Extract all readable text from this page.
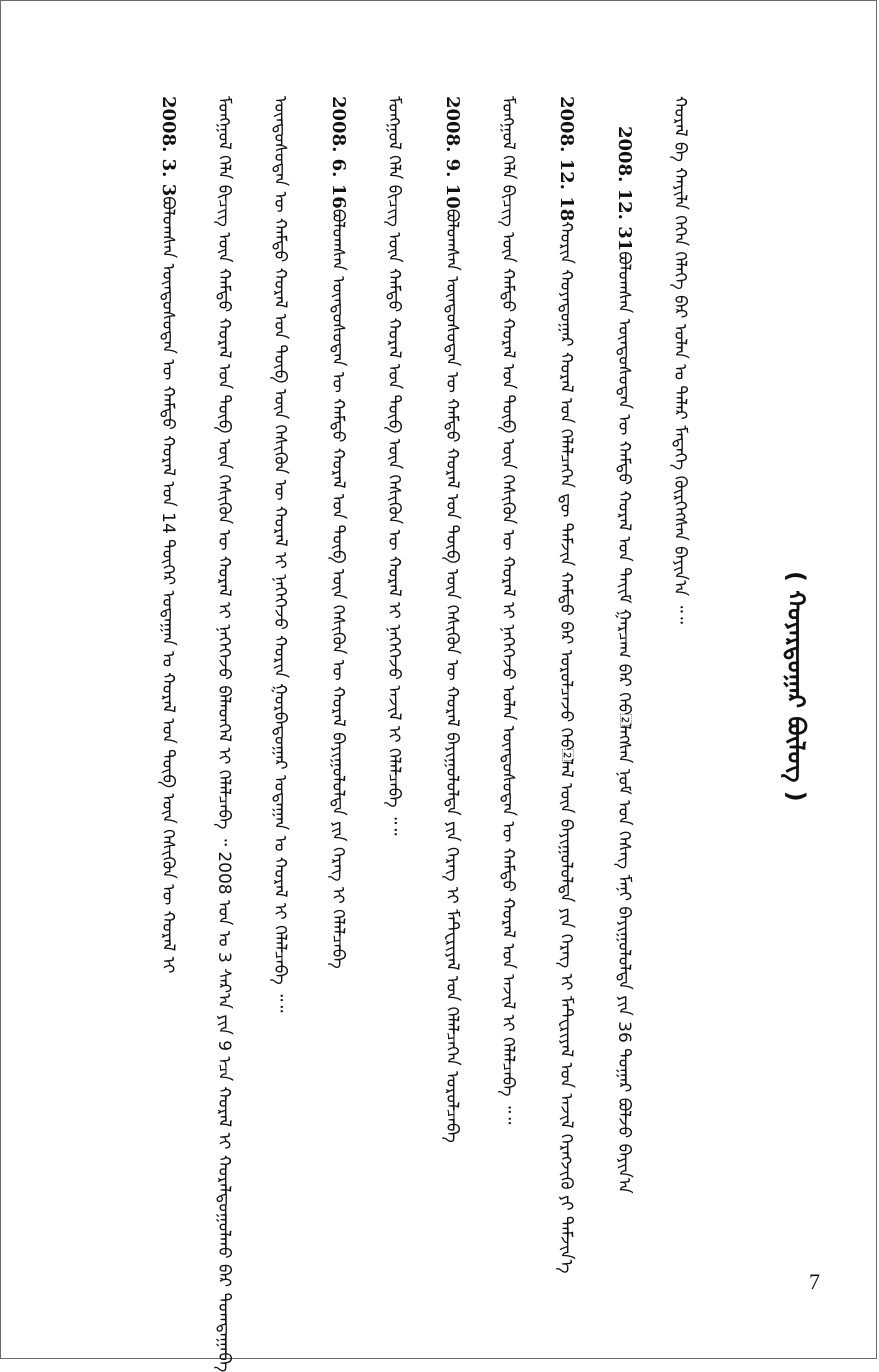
( ᠬᠣᠶᠠᠷᠳᠤᠭᠠᠷ ᠪᠦᠯᠦᠭ )
ᠬᠤᠷᠠᠯ ᠪᠡ ᠬᠠᠶᠢᠯᠠ ᠭᠡᠭᠡᠨ ᠬᠡᠯᠡᠭᠡ ᠪᠡᠷ ᠤᠯᠠᠨ ᠤ ᠲᠡᠯᠡᠷ ᠮᠡᠳᠡᠭᠡ ᠬᠦᠷᠭᠡᠭᠰᠡᠨ ᠪᠠᠶᠢᠨ᠎ᠠ ᠃᠃
2008. 12. 31ᠪᠤᠯᠤᠭᠰᠠᠨ ᠦᠨᠳᠦᠰᠦᠲᠡᠨ ᠦ ᠬᠠᠮᠲᠤ ᠬᠤᠷᠠᠯ ᠤᠨ ᠲᠡᠶ᠋ᠢᠮ ᠭᠠᠷᠴᠠᠭ ᠪᠡᠷ ᠬᠡᠪ᠌ᠯᠡᠭᠰᠡᠨ ᠨᠣᠮ ᠤᠨ ᠬᠡᠰᠡᠭ ᠮᠠᠨᠢ ᠪᠠᠶᠢᠭᠤᠯᠤᠯᠲᠠ ᠶᠢᠨ 36 ᠳᠤᠭᠠᠷ ᠪᠣᠯᠵᠤ ᠪᠠᠶᠢᠨ᠎ᠠ
2008. 12. 18ᠬᠣᠷᠢᠨ ᠬᠣᠶᠠᠳᠤᠭᠠᠷ ᠬᠤᠷᠠᠯ ᠤᠨ ᠬᠡᠯᠡᠯᠴᠡᠭᠡᠨ ᠳᠦ ᠳᠡᠮᠵᠢᠨ ᠬᠠᠮᠲᠤ ᠪᠡᠷ ᠣᠷᠤᠯᠴᠠᠵᠤ ᠬᠡᠪ᠌ᠯᠡᠯ ᠦᠨ ᠪᠠᠶᠢᠭᠤᠯᠤᠯᠲᠠ ᠶᠢᠨ ᠬᠡᠷᠡᠭ ᠢ ᠮᠠᠲ᠋ᠧᠷᠢᠶᠠᠯ ᠤᠨ ᠠᠵᠢᠯ ᠬᠡᠷᠡᠭᠵᠢᠬᠦ ᠶᠢ ᠳᠡᠮᠵᠢᠨ᠎ᠡ
ᠮᠣᠩᠭᠣᠯ ᠬᠡᠯᠡ ᠪᠢᠴᠢᠭ ᠦᠨ ᠬᠠᠮᠲᠤ ᠬᠤᠷᠠᠯ ᠤᠨ ᠲᠦᠪ ᠦᠨ ᠭᠡᠰᠢᠭᠦᠨ ᠦ ᠬᠤᠷᠠᠯ ᠢ ᠨᠡᠭᠡᠭᠡᠵᠦ ᠣᠯᠠᠨ ᠦᠨᠳᠦᠰᠦᠲᠡᠨ ᠦ ᠬᠠᠮᠲᠤ ᠬᠤᠷᠠᠯ ᠤᠨ ᠠᠵᠢᠯ ᠢ ᠬᠡᠯᠡᠯᠴᠡᠪᠡ ᠃᠃
2008. 9. 10ᠪᠤᠯᠤᠭᠰᠠᠨ ᠦᠨᠳᠦᠰᠦᠲᠡᠨ ᠦ ᠬᠠᠮᠲᠤ ᠬᠤᠷᠠᠯ ᠤᠨ ᠲᠦᠪ ᠦᠨ ᠭᠡᠰᠢᠭᠦᠨ ᠦ ᠬᠤᠷᠠᠯ ᠪᠠᠶᠢᠭᠤᠯᠤᠯᠲᠠ ᠶᠢᠨ ᠬᠡᠷᠡᠭ ᠢ ᠮᠠᠲ᠋ᠧᠷᠢᠶᠠᠯ ᠤᠨ ᠬᠡᠯᠡᠯᠴᠡᠭᠡᠨ ᠣᠷᠤᠯᠴᠠᠪᠠ
ᠮᠣᠩᠭᠣᠯ ᠬᠡᠯᠡ ᠪᠢᠴᠢᠭ ᠦᠨ ᠬᠠᠮᠲᠤ ᠬᠤᠷᠠᠯ ᠤᠨ ᠲᠦᠪ ᠦᠨ ᠭᠡᠰᠢᠭᠦᠨ ᠦ ᠬᠤᠷᠠᠯ ᠢ ᠨᠡᠭᠡᠭᠡᠵᠦ ᠠᠵᠢᠯ ᠢ ᠬᠡᠯᠡᠯᠴᠡᠪᠡ ᠃᠃
2008. 6. 16ᠪᠤᠯᠤᠭᠰᠠᠨ ᠦᠨᠳᠦᠰᠦᠲᠡᠨ ᠦ ᠬᠠᠮᠲᠤ ᠬᠤᠷᠠᠯ ᠤᠨ ᠲᠦᠪ ᠦᠨ ᠭᠡᠰᠢᠭᠦᠨ ᠦ ᠬᠤᠷᠠᠯ ᠪᠠᠶᠢᠭᠤᠯᠤᠯᠲᠠ ᠶᠢᠨ ᠬᠡᠷᠡᠭ ᠢ ᠬᠡᠯᠡᠯᠴᠡᠪᠡ
ᠦᠨᠳᠦᠰᠦᠲᠡᠨ ᠦ ᠬᠠᠮᠲᠤ ᠬᠤᠷᠠᠯ ᠤᠨ ᠲᠦᠪ ᠦᠨ ᠭᠡᠰᠢᠭᠦᠨ ᠦ ᠬᠤᠷᠠᠯ ᠢ ᠨᠡᠭᠡᠭᠡᠵᠦ ᠬᠣᠷᠢᠨ ᠭᠤᠷᠪᠠᠳᠤᠭᠠᠷ ᠤᠳᠠᠭᠠᠨ ᠤ ᠬᠤᠷᠠᠯ ᠢ ᠬᠡᠯᠡᠯᠴᠡᠪᠡ ᠃᠃
ᠮᠣᠩᠭᠣᠯ ᠬᠡᠯᠡ ᠪᠢᠴᠢᠭ ᠦᠨ ᠬᠠᠮᠲᠤ ᠬᠤᠷᠠᠯ ᠤᠨ ᠲᠦᠪ ᠦᠨ ᠭᠡᠰᠢᠭᠦᠨ ᠦ ᠬᠤᠷᠠᠯ ᠢ ᠨᠡᠭᠡᠭᠡᠵᠦ ᠪᠡᠯᠡᠳᠬᠡᠯ ᠢ ᠬᠡᠯᠡᠯᠴᠡᠪᠡ ᠃ 2008 ᠣᠨ ᠤ 3 ᠰᠠᠷ᠎ᠠ ᠶᠢᠨ 9 ᠡᠴᠡ ᠬᠤᠷᠠᠯ ᠢ ᠬᠤᠷᠠᠯᠳᠤᠭᠤᠯᠬᠤ ᠪᠡᠷ ᠲᠣᠭᠲᠠᠭᠠᠪᠠ
2008. 3. 3ᠪᠤᠯᠤᠭᠰᠠᠨ ᠦᠨᠳᠦᠰᠦᠲᠡᠨ ᠦ ᠬᠠᠮᠲᠤ ᠬᠤᠷᠠᠯ ᠤᠨ 14 ᠳᠦᠭᠡᠷ ᠤᠳᠠᠭᠠᠨ ᠤ ᠬᠤᠷᠠᠯ ᠤᠨ ᠲᠦᠪ ᠦᠨ ᠭᠡᠰᠢᠭᠦᠨ ᠦ ᠬᠤᠷᠠᠯ ᠢ
7
